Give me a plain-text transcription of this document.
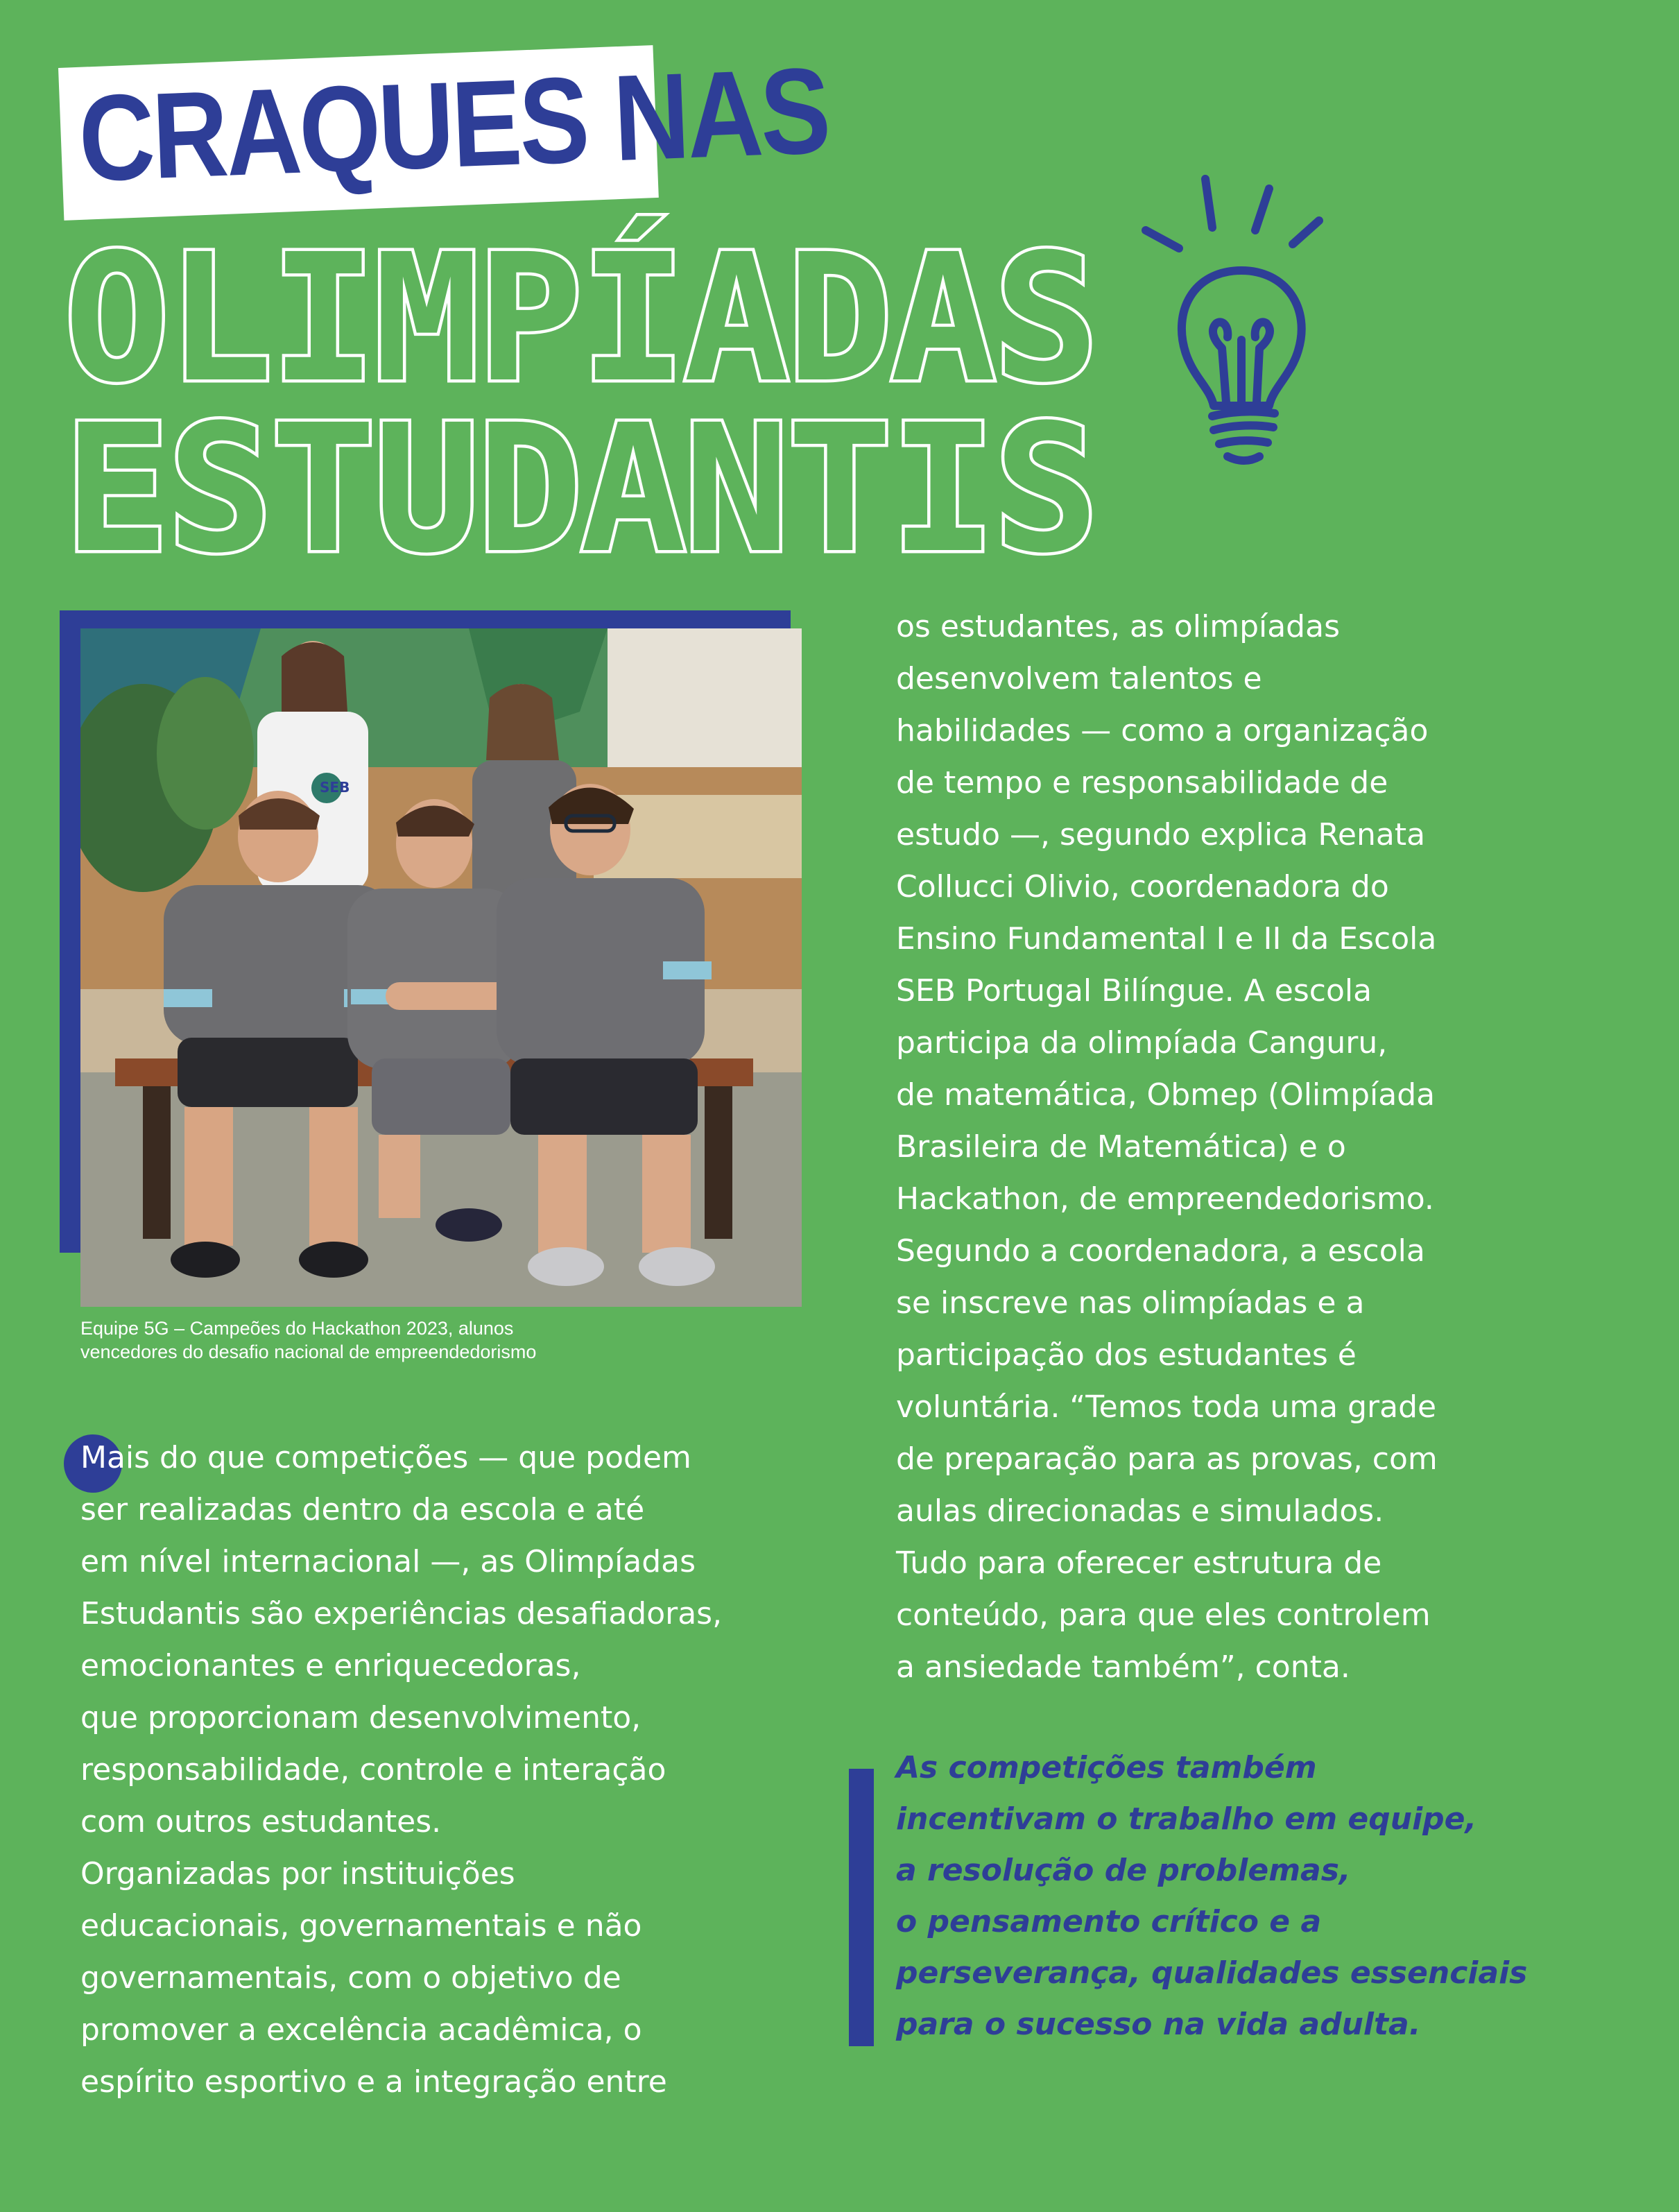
CRAQUES NAS
OLIMPÍADAS
ESTUDANTIS
SEB
Equipe 5G – Campeões do Hackathon 2023, alunos
vencedores do desafio nacional de empreendedorismo
Mais do que competições — que podem
ser realizadas dentro da escola e até
em nível internacional —, as Olimpíadas
Estudantis são experiências desafiadoras,
emocionantes e enriquecedoras,
que proporcionam desenvolvimento,
responsabilidade, controle e interação
com outros estudantes.
Organizadas por instituições
educacionais, governamentais e não
governamentais, com o objetivo de
promover a excelência acadêmica, o
espírito esportivo e a integração entre
os estudantes, as olimpíadas
desenvolvem talentos e
habilidades — como a organização
de tempo e responsabilidade de
estudo —, segundo explica Renata
Collucci Olivio, coordenadora do
Ensino Fundamental I e II da Escola
SEB Portugal Bilíngue. A escola
participa da olimpíada Canguru,
de matemática, Obmep (Olimpíada
Brasileira de Matemática) e o
Hackathon, de empreendedorismo.
Segundo a coordenadora, a escola
se inscreve nas olimpíadas e a
participação dos estudantes é
voluntária. “Temos toda uma grade
de preparação para as provas, com
aulas direcionadas e simulados.
Tudo para oferecer estrutura de
conteúdo, para que eles controlem
a ansiedade também”, conta.
As competições também
incentivam o trabalho em equipe,
a resolução de problemas,
o pensamento crítico e a
perseverança, qualidades essenciais
para o sucesso na vida adulta.
